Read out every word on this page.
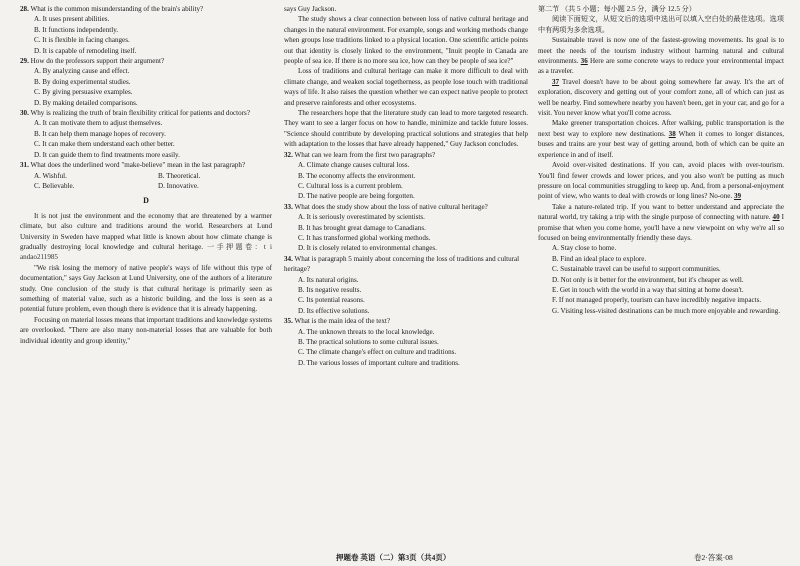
28. What is the common misunderstanding of the brain's ability?

A. It uses present abilities.

B. It functions independently.

C. It is flexible in facing changes.

D. It is capable of remodeling itself.

29. How do the professors support their argument?

A. By analyzing cause and effect.

B. By doing experimental studies.

C. By giving persuasive examples.

D. By making detailed comparisons.

30. Why is realizing the truth of brain flexibility critical for patients and doctors?

A. It can motivate them to adjust themselves.

B. It can help them manage hopes of recovery.

C. It can make them understand each other better.

D. It can guide them to find treatments more easily.

31. What does the underlined word "make-believe" mean in the last paragraph?

A. Wishful.	B. Theoretical.

C. Believable.	D. Innovative.

D

It is not just the environment and the economy that are threatened by a warmer climate, but also culture and traditions around the world. Researchers at Lund University in Sweden have mapped what little is known about how climate change is gradually destroying local knowledge and cultural heritage. 一手押题卷：t i andao211985

"We risk losing the memory of native people's ways of life without this type of documentation," says Guy Jackson at Lund University, one of the authors of a literature study. One conclusion of the study is that cultural heritage is primarily seen as something of material value, such as a historic building, and the loss is seen as a potential future problem, even though there is evidence that it is already happening.

Focusing on material losses means that important traditions and knowledge systems are overlooked. "There are also many non-material losses that are valuable for both individual identity and group identity,"

says Guy Jackson.

The study shows a clear connection between loss of native cultural heritage and changes in the natural environment. For example, songs and working methods change when groups lose traditions linked to a physical location. One scientific article points out that identity is closely linked to the environment, "Inuit people in Canada are people of sea ice. If there is no more sea ice, how can they be people of sea ice?"

Loss of traditions and cultural heritage can make it more difficult to deal with climate change, and weaken social togetherness, as people lose touch with traditional ways of life. It also raises the question whether we can expect native people to protect and preserve rainforests and other ecosystems.

The researchers hope that the literature study can lead to more targeted research. They want to see a larger focus on how to handle, minimize and tackle future losses. "Science should contribute by developing practical solutions and strategies that help with adaptation to the losses that have already happened," Guy Jackson concludes.

32. What can we learn from the first two paragraphs?

A. Climate change causes cultural loss.

B. The economy affects the environment.

C. Cultural loss is a current problem.

D. The native people are being forgotten.

33. What does the study show about the loss of native cultural heritage?

A. It is seriously overestimated by scientists.

B. It has brought great damage to Canadians.

C. It has transformed global working methods.

D. It is closely related to environmental changes.

34. What is paragraph 5 mainly about concerning the loss of traditions and cultural heritage?

A. Its natural origins.

B. Its negative results.

C. Its potential reasons.

D. Its effective solutions.

35. What is the main idea of the text?

A. The unknown threats to the local knowledge.

B. The practical solutions to some cultural issues.

C. The climate change's effect on culture and traditions.

D. The various losses of important culture and traditions.

第二节 （共 5 小题；每小题 2.5 分，满分 12.5 分）

阅读下面短文，从短文后的选项中选出可以填入空白处的最佳选项。选项中有两项为多余选项。

Sustainable travel is now one of the fastest-growing movements. Its goal is to meet the needs of the tourism industry without harming natural and cultural environments. 36 Here are some concrete ways to reduce your environmental impact as a traveler.

37 Travel doesn't have to be about going somewhere far away. It's the art of exploration, discovery and getting out of your comfort zone, all of which can just as well be nearby. Find somewhere nearby you haven't been, get in your car, and go for a visit. You never know what you'll come across.

Make greener transportation choices. After walking, public transportation is the next best way to explore new destinations. 38 When it comes to longer distances, buses and trains are your best way of getting around, both of which can be quite an experience in and of itself.

Avoid over-visited destinations. If you can, avoid places with over-tourism. You'll find fewer crowds and lower prices, and you also won't be putting as much pressure on local communities struggling to keep up. And, from a personal-enjoyment point of view, who wants to deal with crowds or long lines? No-one. 39

Take a nature-related trip. If you want to better understand and appreciate the natural world, try taking a trip with the single purpose of connecting with nature. 40 I promise that when you come home, you'll have a new viewpoint on why we're all so focused on being environmentally friendly these days.

A. Stay close to home.

B. Find an ideal place to explore.

C. Sustainable travel can be useful to support communities.

D. Not only is it better for the environment, but it's cheaper as well.

E. Get in touch with the world in a way that sitting at home doesn't.

F. If not managed properly, tourism can have incredibly negative impacts.

G. Visiting less-visited destinations can be much more enjoyable and rewarding.

押题卷 英语（二）第3页（共4页）	卷2·答案·08
